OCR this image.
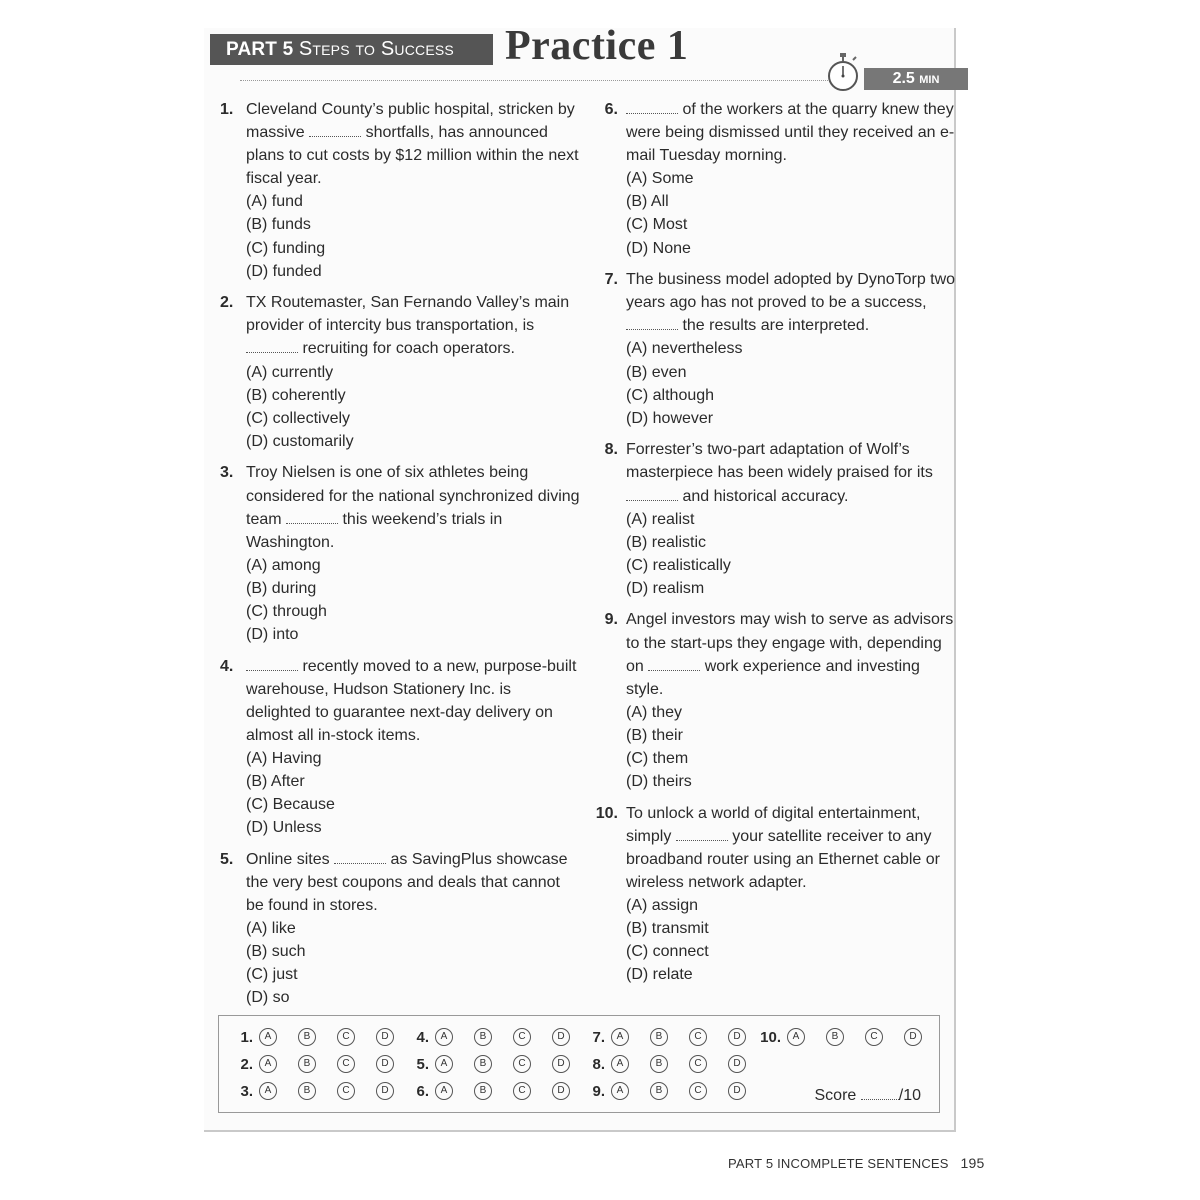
PART 5 Steps to Success	Practice 1
2.5 MIN
1. Cleveland County’s public hospital, stricken by massive	shortfalls, has announced plans to cut costs by $12 million within the next fiscal year.
(A) fund
(B) funds
(C) funding
(D) funded
2. TX Routemaster, San Fernando Valley’s main provider of intercity bus transportation, is  recruiting for coach operators.
(A) currently
(B) coherently
(C) collectively
(D) customarily
3. Troy Nielsen is one of six athletes being considered for the national synchronized diving team	this weekend’s trials in Washington.
(A) among
(B) during
(C) through
(D) into
4.	recently moved to a new, purpose-built warehouse, Hudson Stationery Inc. is delighted to guarantee next-day delivery on almost all in-stock items.
(A) Having
(B) After
(C) Because
(D) Unless
5. Online sites	as SavingPlus showcase the very best coupons and deals that cannot be found in stores.
(A) like
(B) such
(C) just
(D) so
6.	of the workers at the quarry knew they were being dismissed until they received an e-mail Tuesday morning.
(A) Some
(B) All
(C) Most
(D) None
7. The business model adopted by DynoTorp two years ago has not proved to be a success,  the results are interpreted.
(A) nevertheless
(B) even
(C) although
(D) however
8. Forrester’s two-part adaptation of Wolf’s masterpiece has been widely praised for its  and historical accuracy.
(A) realist
(B) realistic
(C) realistically
(D) realism
9. Angel investors may wish to serve as advisors to the start-ups they engage with, depending on	work experience and investing style.
(A) they
(B) their
(C) them
(D) theirs
10. To unlock a world of digital entertainment, simply	your satellite receiver to any broadband router using an Ethernet cable or wireless network adapter.
(A) assign
(B) transmit
(C) connect
(D) relate
Score	/10
1.	A	B	C	D
2.	A	B	C	D
3.	A	B	C	D
4.	A	B	C	D
5.	A	B	C	D
6.	A	B	C	D
7.	A	B	C	D
8.	A	B	C	D
9.	A	B	C	D
10.	A	B	C	D
PART 5 INCOMPLETE SENTENCES 195
